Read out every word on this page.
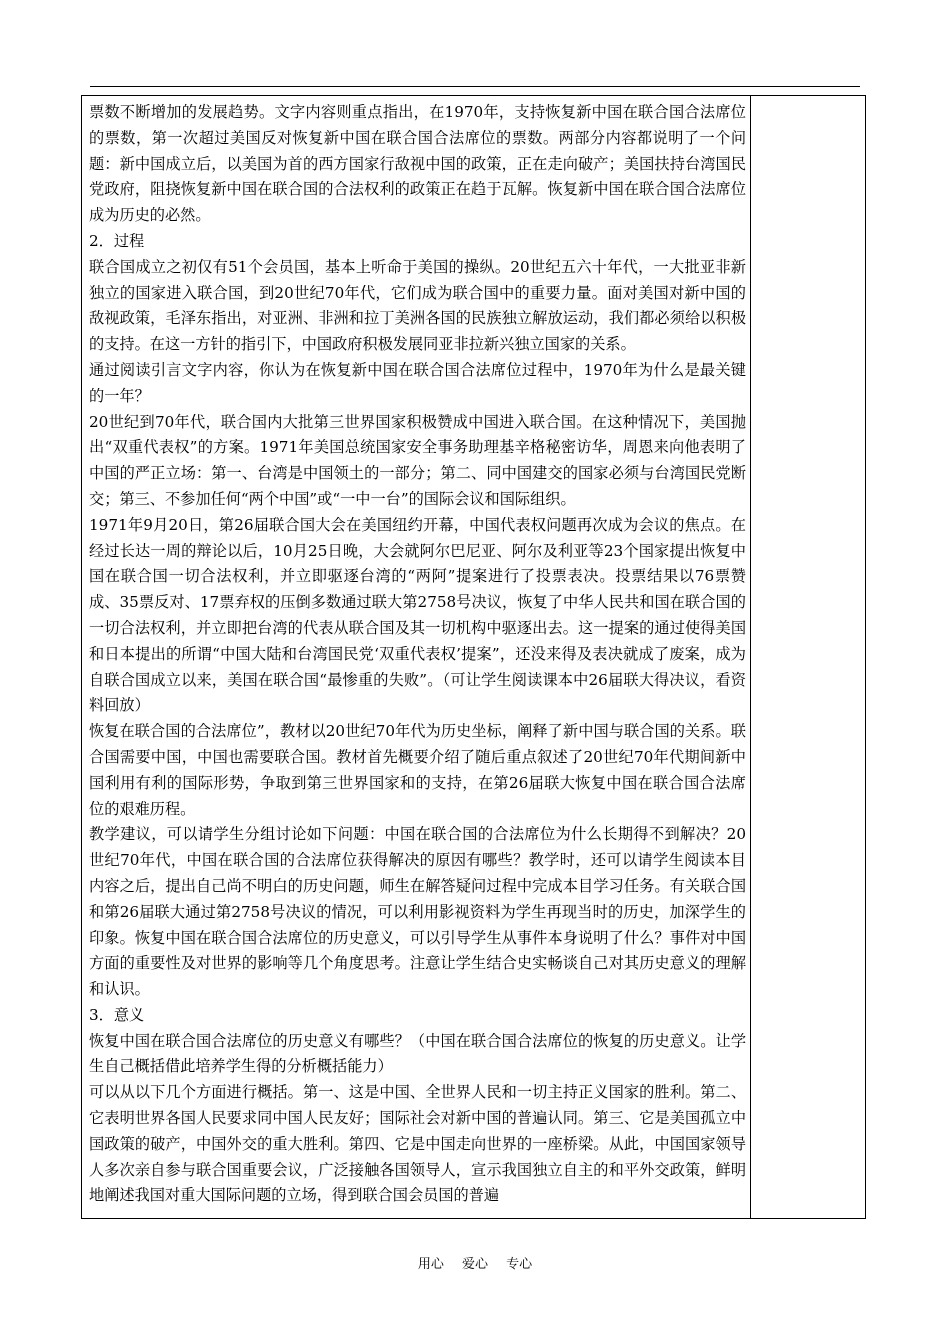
票数不断增加的发展趋势。文字内容则重点指出，在1970年，支持恢复新中国在联合国合法席位的票数，第一次超过美国反对恢复新中国在联合国合法席位的票数。两部分内容都说明了一个问题：新中国成立后，以美国为首的西方国家行敌视中国的政策，正在走向破产；美国扶持台湾国民党政府，阻挠恢复新中国在联合国的合法权利的政策正在趋于瓦解。恢复新中国在联合国合法席位成为历史的必然。

2．过程

联合国成立之初仅有51个会员国，基本上听命于美国的操纵。20世纪五六十年代，一大批亚非新独立的国家进入联合国，到20世纪70年代，它们成为联合国中的重要力量。面对美国对新中国的敌视政策，毛泽东指出，对亚洲、非洲和拉丁美洲各国的民族独立解放运动，我们都必须给以积极的支持。在这一方针的指引下，中国政府积极发展同亚非拉新兴独立国家的关系。

通过阅读引言文字内容，你认为在恢复新中国在联合国合法席位过程中，1970年为什么是最关键的一年？

20世纪到70年代，联合国内大批第三世界国家积极赞成中国进入联合国。在这种情况下，美国抛出“双重代表权”的方案。1971年美国总统国家安全事务助理基辛格秘密访华，周恩来向他表明了中国的严正立场：第一、台湾是中国领土的一部分；第二、同中国建交的国家必须与台湾国民党断交；第三、不参加任何“两个中国”或“一中一台”的国际会议和国际组织。

1971年9月20日，第26届联合国大会在美国纽约开幕，中国代表权问题再次成为会议的焦点。在经过长达一周的辩论以后，10月25日晚，大会就阿尔巴尼亚、阿尔及利亚等23个国家提出恢复中国在联合国一切合法权利，并立即驱逐台湾的“两阿”提案进行了投票表决。投票结果以76票赞成、35票反对、17票弃权的压倒多数通过联大第2758号决议，恢复了中华人民共和国在联合国的一切合法权利，并立即把台湾的代表从联合国及其一切机构中驱逐出去。这一提案的通过使得美国和日本提出的所谓“中国大陆和台湾国民党‘双重代表权’提案”，还没来得及表决就成了废案，成为自联合国成立以来，美国在联合国“最惨重的失败”。（可让学生阅读课本中26届联大得决议，看资料回放）

恢复在联合国的合法席位”，教材以20世纪70年代为历史坐标，阐释了新中国与联合国的关系。联合国需要中国，中国也需要联合国。教材首先概要介绍了随后重点叙述了20世纪70年代期间新中国利用有利的国际形势，争取到第三世界国家和的支持，在第26届联大恢复中国在联合国合法席位的艰难历程。

教学建议，可以请学生分组讨论如下问题：中国在联合国的合法席位为什么长期得不到解决？20世纪70年代，中国在联合国的合法席位获得解决的原因有哪些？教学时，还可以请学生阅读本目内容之后，提出自己尚不明白的历史问题，师生在解答疑问过程中完成本目学习任务。有关联合国和第26届联大通过第2758号决议的情况，可以利用影视资料为学生再现当时的历史，加深学生的印象。恢复中国在联合国合法席位的历史意义，可以引导学生从事件本身说明了什么？事件对中国方面的重要性及对世界的影响等几个角度思考。注意让学生结合史实畅谈自己对其历史意义的理解和认识。

3．意义

恢复中国在联合国合法席位的历史意义有哪些？（中国在联合国合法席位的恢复的历史意义。让学生自己概括借此培养学生得的分析概括能力）

可以从以下几个方面进行概括。第一、这是中国、全世界人民和一切主持正义国家的胜利。第二、它表明世界各国人民要求同中国人民友好；国际社会对新中国的普遍认同。第三、它是美国孤立中国政策的破产，中国外交的重大胜利。第四、它是中国走向世界的一座桥梁。从此，中国国家领导人多次亲自参与联合国重要会议，广泛接触各国领导人，宣示我国独立自主的和平外交政策，鲜明地阐述我国对重大国际问题的立场，得到联合国会员国的普遍

用心 爱心 专心
